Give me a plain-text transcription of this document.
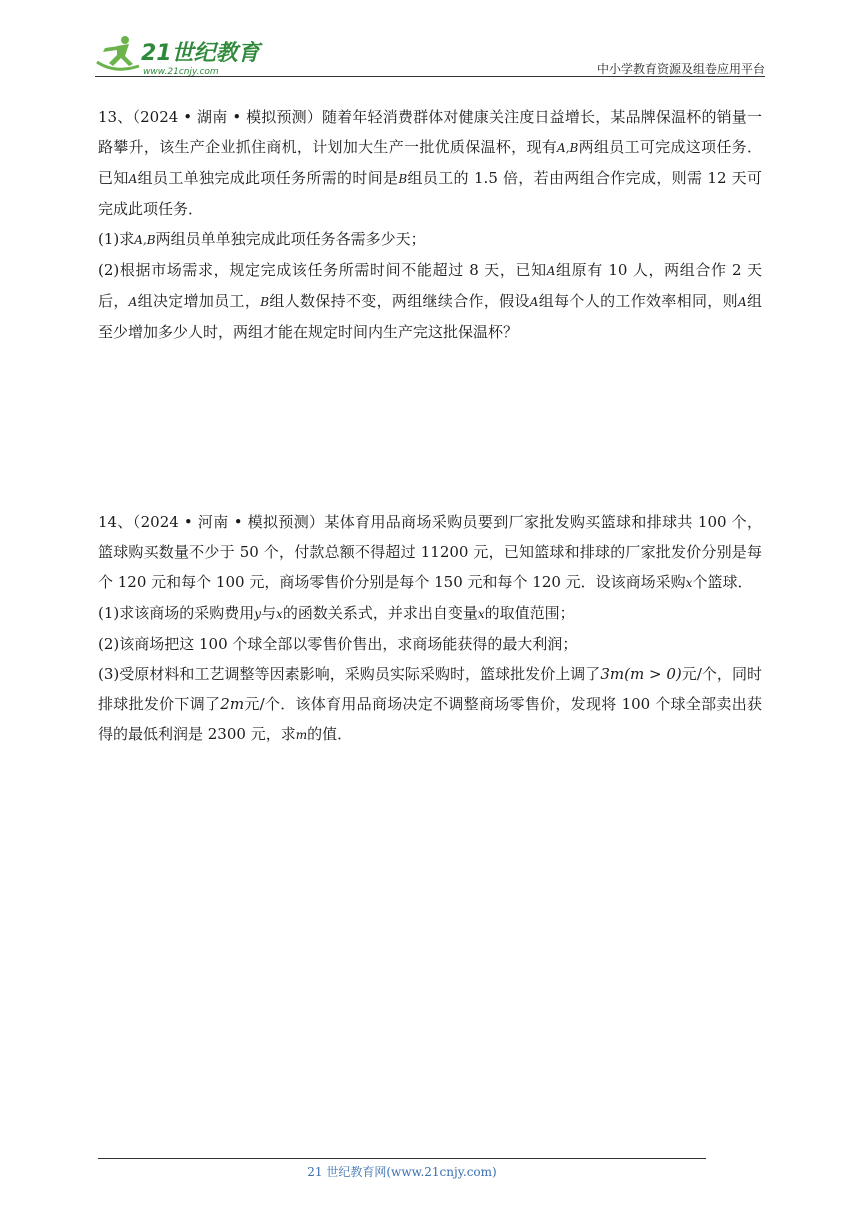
21世纪教育
www.21cnjy.com	中小学教育资源及组卷应用平台

13、（2024 • 湖南 • 模拟预测）随着年轻消费群体对健康关注度日益增长，某品牌保温杯的销量一路攀升，该生产企业抓住商机，计划加大生产一批优质保温杯，现有A,B两组员工可完成这项任务．已知A组员工单独完成此项任务所需的时间是B组员工的 1.5 倍，若由两组合作完成，则需 12 天可完成此项任务．

(1)求A,B两组员单单独完成此项任务各需多少天；

(2)根据市场需求，规定完成该任务所需时间不能超过 8 天，已知A组原有 10 人，两组合作 2 天后，A组决定增加员工，B组人数保持不变，两组继续合作，假设A组每个人的工作效率相同，则A组至少增加多少人时，两组才能在规定时间内生产完这批保温杯？

14、（2024 • 河南 • 模拟预测）某体育用品商场采购员要到厂家批发购买篮球和排球共 100 个，篮球购买数量不少于 50 个，付款总额不得超过 11200 元，已知篮球和排球的厂家批发价分别是每个 120 元和每个 100 元，商场零售价分别是每个 150 元和每个 120 元．设该商场采购x个篮球．

(1)求该商场的采购费用y与x的函数关系式，并求出自变量x的取值范围；

(2)该商场把这 100 个球全部以零售价售出，求商场能获得的最大利润；

(3)受原材料和工艺调整等因素影响，采购员实际采购时，篮球批发价上调了3m(m > 0)元/个，同时排球批发价下调了2m元/个．该体育用品商场决定不调整商场零售价，发现将 100 个球全部卖出获得的最低利润是 2300 元，求m的值．

21 世纪教育网(www.21cnjy.com)
